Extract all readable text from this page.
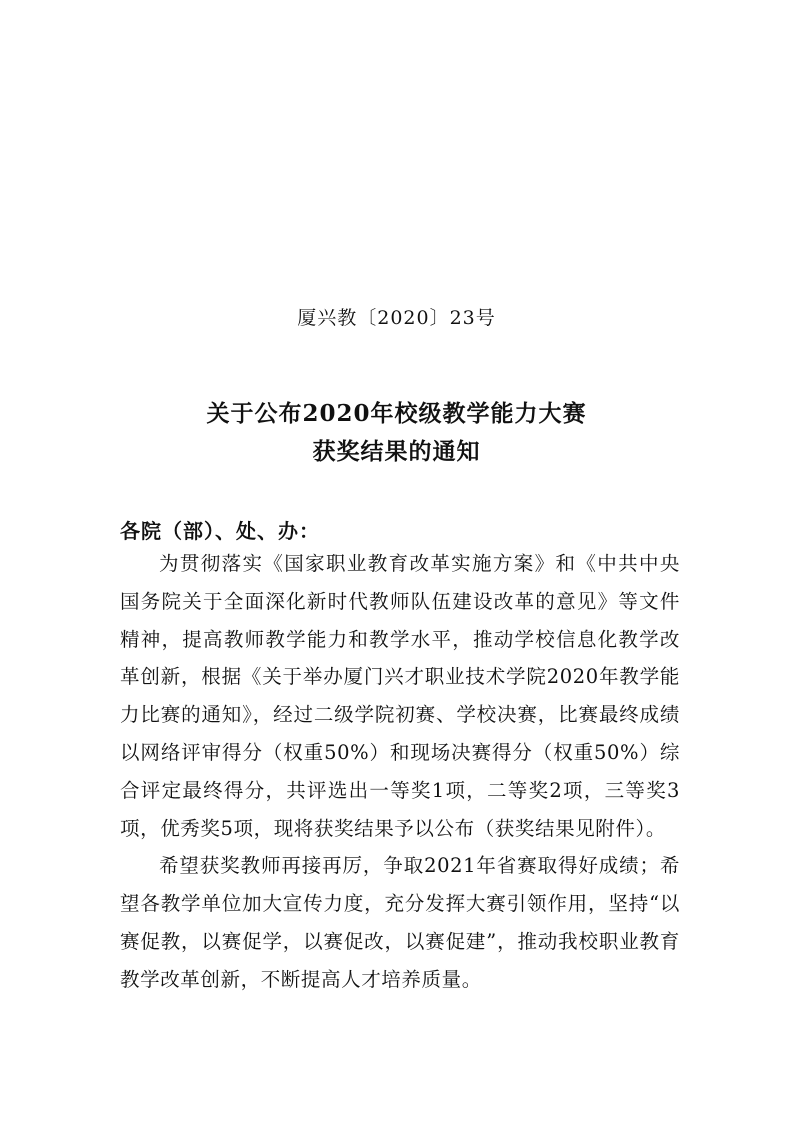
厦兴教〔2020〕23号
关于公布2020年校级教学能力大赛
获奖结果的通知
各院（部）、处、办：

为贯彻落实《国家职业教育改革实施方案》和《中共中央国务院关于全面深化新时代教师队伍建设改革的意见》等文件精神，提高教师教学能力和教学水平，推动学校信息化教学改革创新，根据《关于举办厦门兴才职业技术学院2020年教学能力比赛的通知》，经过二级学院初赛、学校决赛，比赛最终成绩以网络评审得分（权重50%）和现场决赛得分（权重50%）综合评定最终得分，共评选出一等奖1项，二等奖2项，三等奖3项，优秀奖5项，现将获奖结果予以公布（获奖结果见附件）。

希望获奖教师再接再厉，争取2021年省赛取得好成绩；希望各教学单位加大宣传力度，充分发挥大赛引领作用，坚持“以赛促教，以赛促学，以赛促改，以赛促建”，推动我校职业教育教学改革创新，不断提高人才培养质量。
